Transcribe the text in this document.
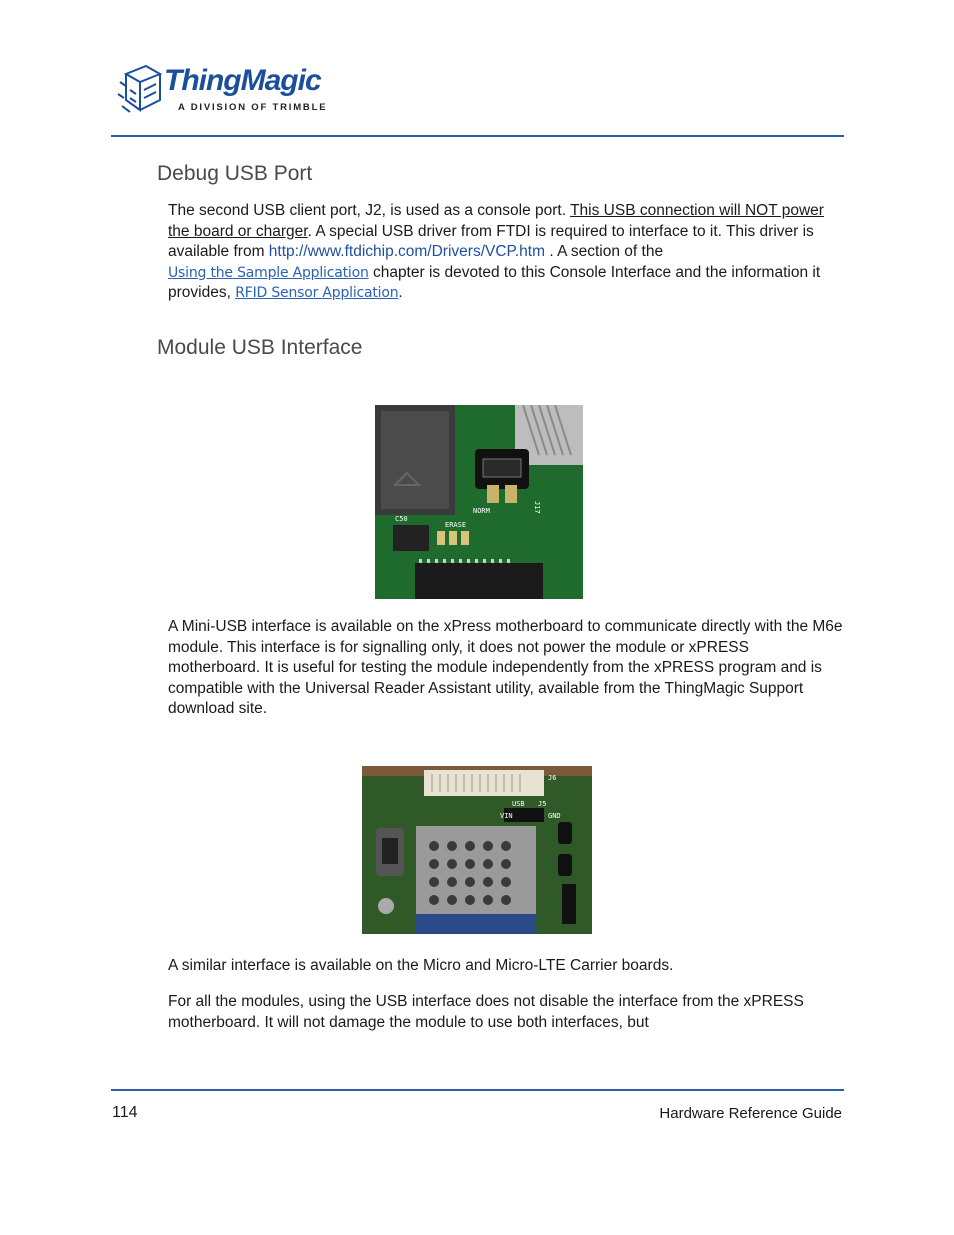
ThingMagic
A DIVISION OF TRIMBLE
Debug USB Port

The second USB client port, J2, is used as a console port. This USB connection will NOT power the board or charger. A special USB driver from FTDI is required to interface to it. This driver is available from http://www.ftdichip.com/Drivers/VCP.htm . A section of the
Using the Sample Application chapter is devoted to this Console Interface and the information it provides, RFID Sensor Application.

Module USB Interface
J17
NORM
ERASE
C50

A Mini-USB interface is available on the xPress motherboard to communicate directly with the M6e module. This interface is for signalling only, it does not power the module or xPRESS motherboard. It is useful for testing the module independently from the xPRESS program and is compatible with the Universal Reader Assistant utility, available from the ThingMagic Support download site.

J6
USB J5
VIN	GND

A similar interface is available on the Micro and Micro-LTE Carrier boards.

For all the modules, using the USB interface does not disable the interface from the xPRESS motherboard. It will not damage the module to use both interfaces, but

114	Hardware Reference Guide
